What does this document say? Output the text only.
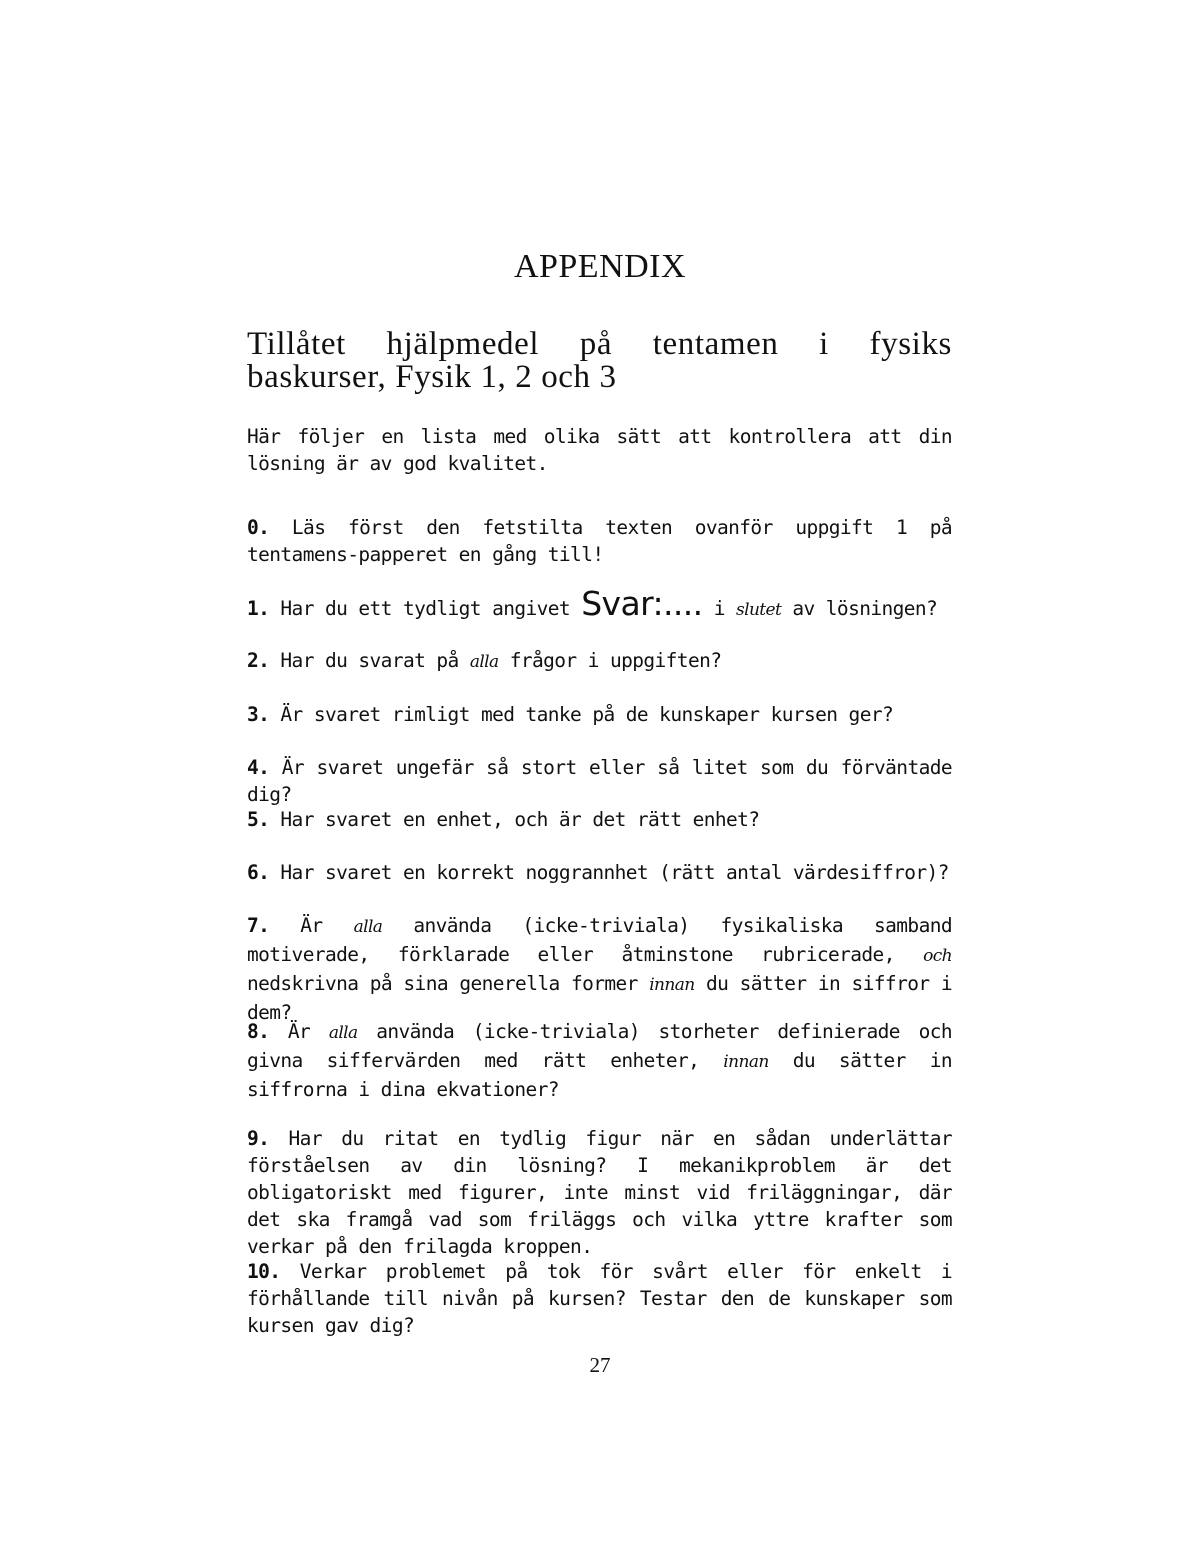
APPENDIX
Tillåtet hjälpmedel på tentamen i fysiks
baskurser, Fysik 1, 2 och 3

Här följer en lista med olika sätt att kontrollera att din lösning är av god kvalitet.

0. Läs först den fetstilta texten ovanför uppgift 1 på tentamens-papperet en gång till!

1. Har du ett tydligt angivet Svar:.... i slutet av lösningen?

2. Har du svarat på alla frågor i uppgiften?

3. Är svaret rimligt med tanke på de kunskaper kursen ger?

4. Är svaret ungefär så stort eller så litet som du förväntade dig?

5. Har svaret en enhet, och är det rätt enhet?

6. Har svaret en korrekt noggrannhet (rätt antal värdesiffror)?

7. Är alla använda (icke-triviala) fysikaliska samband motiverade, förklarade eller åtminstone rubricerade, och nedskrivna på sina generella former innan du sätter in siffror i dem?

8. Är alla använda (icke-triviala) storheter definierade och givna siffervärden med rätt enheter, innan du sätter in siffrorna i dina ekvationer?

9. Har du ritat en tydlig figur när en sådan underlättar förståelsen av din lösning? I mekanikproblem är det obligatoriskt med figurer, inte minst vid friläggningar, där det ska framgå vad som friläggs och vilka yttre krafter som verkar på den frilagda kroppen.

10. Verkar problemet på tok för svårt eller för enkelt i förhållande till nivån på kursen? Testar den de kunskaper som kursen gav dig?

27
